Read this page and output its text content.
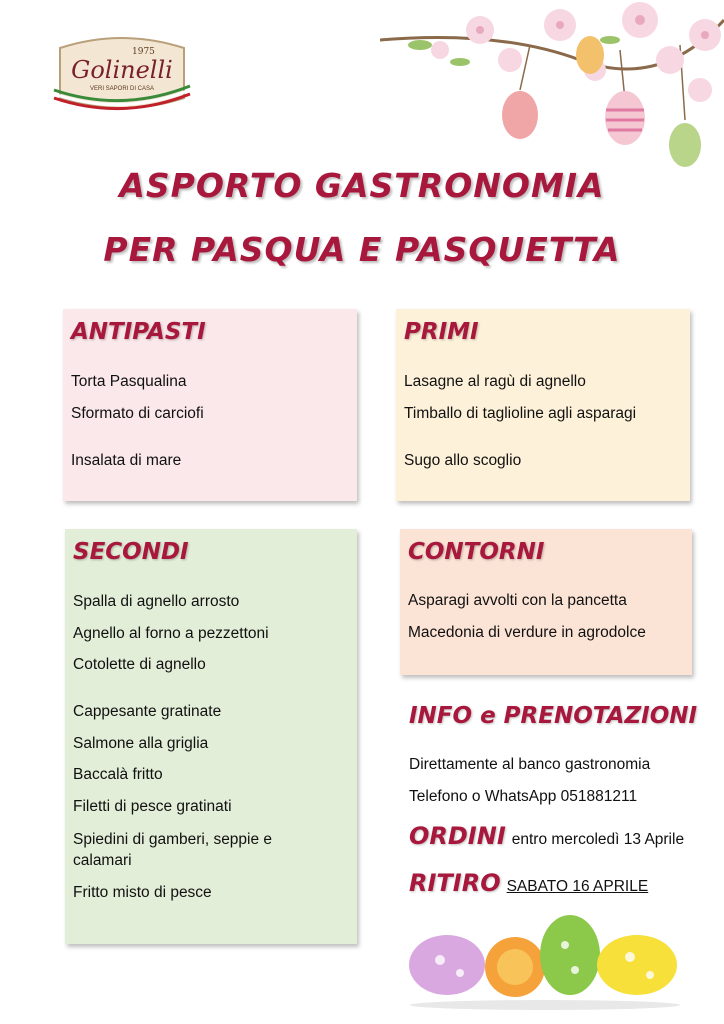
1975
Golinelli
VERI SAPORI DI CASA
ASPORTO GASTRONOMIA
PER PASQUA E PASQUETTA
ANTIPASTI
Torta Pasqualina
Sformato di carciofi
Insalata di mare
PRIMI
Lasagne al ragù di agnello
Timballo di taglioline agli asparagi
Sugo allo scoglio
SECONDI
Spalla di agnello arrosto
Agnello al forno a pezzettoni
Cotolette di agnello
Cappesante gratinate
Salmone alla griglia
Baccalà fritto
Filetti di pesce gratinati
Spiedini di gamberi, seppie e
calamari
Fritto misto di pesce
CONTORNI
Asparagi avvolti con la pancetta
Macedonia di verdure in agrodolce
INFO e PRENOTAZIONI
Direttamente al banco gastronomia
Telefono o WhatsApp 051881211
ORDINI entro mercoledì 13 Aprile
RITIRO SABATO 16 APRILE
